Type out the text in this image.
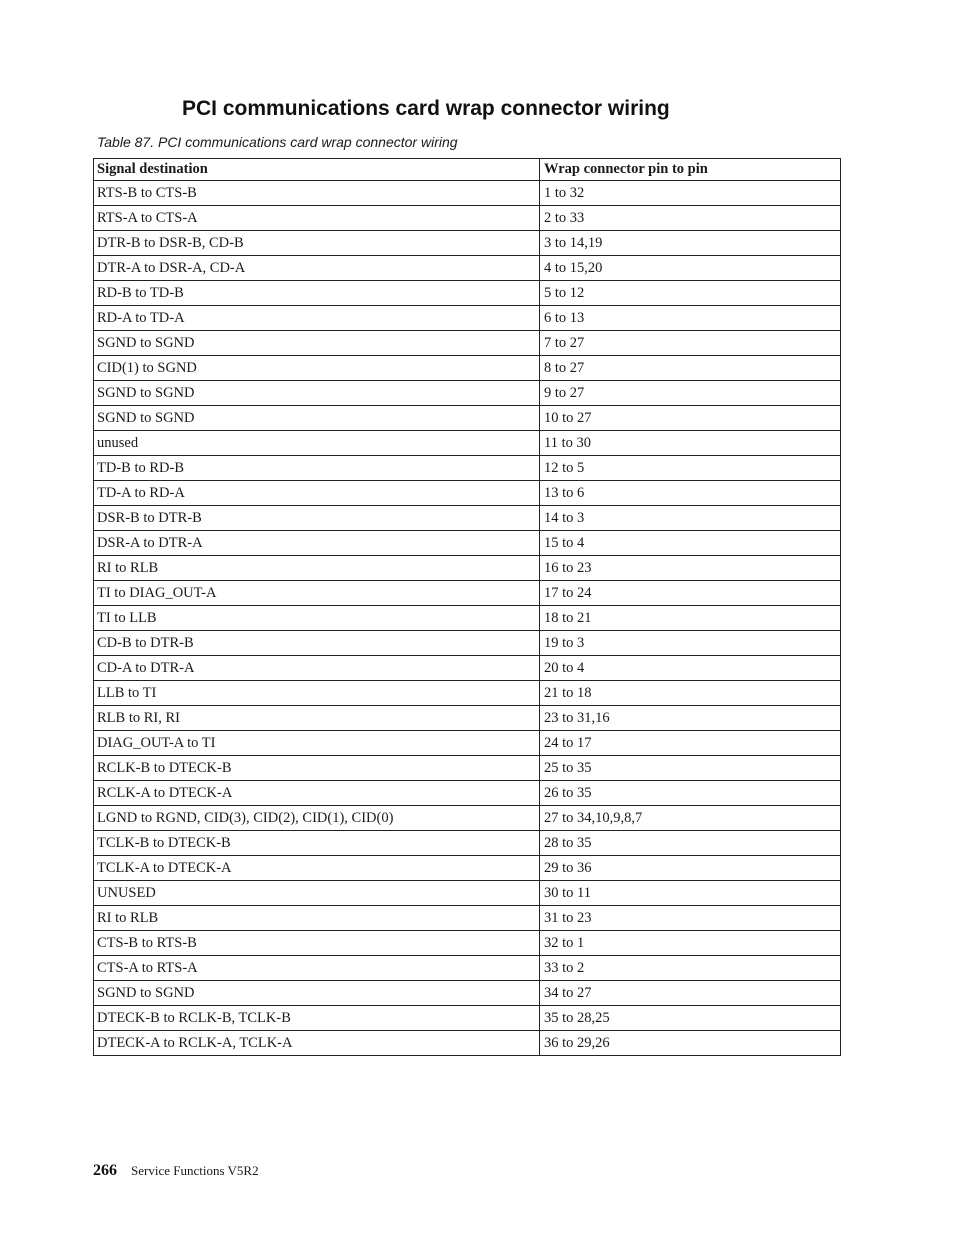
PCI communications card wrap connector wiring

Table 87. PCI communications card wrap connector wiring

Signal destination	Wrap connector pin to pin
RTS-B to CTS-B	1 to 32
RTS-A to CTS-A	2 to 33
DTR-B to DSR-B, CD-B	3 to 14,19
DTR-A to DSR-A, CD-A	4 to 15,20
RD-B to TD-B	5 to 12
RD-A to TD-A	6 to 13
SGND to SGND	7 to 27
CID(1) to SGND	8 to 27
SGND to SGND	9 to 27
SGND to SGND	10 to 27
unused	11 to 30
TD-B to RD-B	12 to 5
TD-A to RD-A	13 to 6
DSR-B to DTR-B	14 to 3
DSR-A to DTR-A	15 to 4
RI to RLB	16 to 23
TI to DIAG_OUT-A	17 to 24
TI to LLB	18 to 21
CD-B to DTR-B	19 to 3
CD-A to DTR-A	20 to 4
LLB to TI	21 to 18
RLB to RI, RI	23 to 31,16
DIAG_OUT-A to TI	24 to 17
RCLK-B to DTECK-B	25 to 35
RCLK-A to DTECK-A	26 to 35
LGND to RGND, CID(3), CID(2), CID(1), CID(0)	27 to 34,10,9,8,7
TCLK-B to DTECK-B	28 to 35
TCLK-A to DTECK-A	29 to 36
UNUSED	30 to 11
RI to RLB	31 to 23
CTS-B to RTS-B	32 to 1
CTS-A to RTS-A	33 to 2
SGND to SGND	34 to 27
DTECK-B to RCLK-B, TCLK-B	35 to 28,25
DTECK-A to RCLK-A, TCLK-A	36 to 29,26
266 Service Functions V5R2
